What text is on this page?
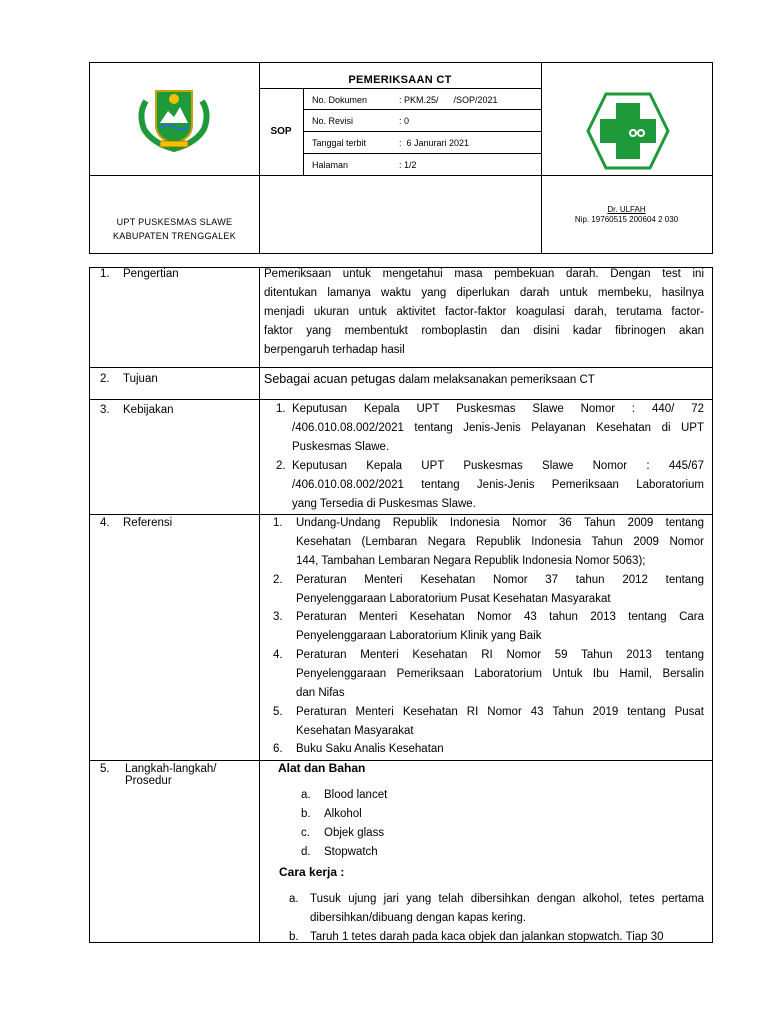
PEMERIKSAAN CT
SOP
No. Dokumen	: PKM.25/      /SOP/2021
No. Revisi	: 0
Tanggal terbit	:  6 Janurari 2021
Halaman	: 1/2
UPT PUSKESMAS SLAWE
KABUPATEN TRENGGALEK
Dr. ULFAH
Nip. 19760515 200604 2 030
1. Pengertian	Pemeriksaan untuk mengetahui masa pembekuan darah. Dengan test ini
ditentukan lamanya waktu yang diperlukan darah untuk membeku, hasilnya
menjadi ukuran untuk aktivitet factor-faktor koagulasi darah, terutama factor-
faktor yang membentukt romboplastin dan disini kadar fibrinogen akan
berpengaruh terhadap hasil
2. Tujuan	Sebagai acuan petugas dalam melaksanakan pemeriksaan CT
3. Kebijakan	1. Keputusan Kepala UPT Puskesmas Slawe Nomor : 440/ 72
/406.010.08.002/2021 tentang Jenis-Jenis Pelayanan Kesehatan di UPT
Puskesmas Slawe.
2. Keputusan Kepala UPT Puskesmas Slawe Nomor : 445/67
/406.010.08.002/2021 tentang Jenis-Jenis Pemeriksaan Laboratorium
yang Tersedia di Puskesmas Slawe.
4. Referensi	1. Undang-Undang Republik Indonesia Nomor 36 Tahun 2009 tentang
Kesehatan (Lembaran Negara Republik Indonesia Tahun 2009 Nomor
144, Tambahan Lembaran Negara Republik Indonesia Nomor 5063);
2. Peraturan Menteri Kesehatan Nomor 37 tahun 2012 tentang
Penyelenggaraan Laboratorium Pusat Kesehatan Masyarakat
3. Peraturan Menteri Kesehatan Nomor 43 tahun 2013 tentang Cara
Penyelenggaraan Laboratorium Klinik yang Baik
4. Peraturan Menteri Kesehatan RI Nomor 59 Tahun 2013 tentang
Penyelenggaraan Pemeriksaan Laboratorium Untuk Ibu Hamil, Bersalin
dan Nifas
5. Peraturan Menteri Kesehatan RI Nomor 43 Tahun 2019 tentang Pusat
Kesehatan Masyarakat
6. Buku Saku Analis Kesehatan
5. Langkah-langkah/
Prosedur
Alat dan Bahan
a. Blood lancet
b. Alkohol
c. Objek glass
d. Stopwatch
Cara kerja :
a. Tusuk ujung jari yang telah dibersihkan dengan alkohol, tetes pertama
dibersihkan/dibuang dengan kapas kering.
b. Taruh 1 tetes darah pada kaca objek dan jalankan stopwatch. Tiap 30
